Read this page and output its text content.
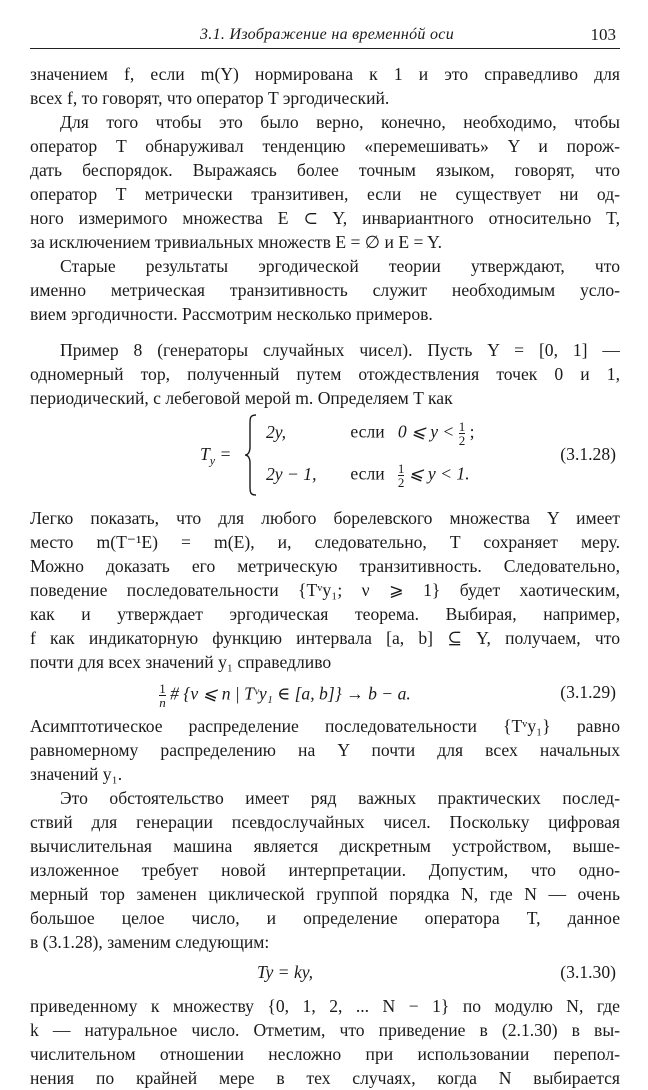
3.1. Изображение на временнóй оси	103
значением f, если m(Y) нормирована к 1 и это справедливо для
всех f, то говорят, что оператор T эргодический.
Для того чтобы это было верно, конечно, необходимо, чтобы
оператор T обнаруживал тенденцию «перемешивать» Y и порож-
дать беспорядок. Выражаясь более точным языком, говорят, что
оператор T метрически транзитивен, если не существует ни од-
ного измеримого множества E ⊂ Y, инвариантного относительно T,
за исключением тривиальных множеств E = ∅ и E = Y.
Старые результаты эргодической теории утверждают, что
именно метрическая транзитивность служит необходимым усло-
вием эргодичности. Рассмотрим несколько примеров.
Пример 8 (генераторы случайных чисел). Пусть Y = [0, 1] —
одномерный тор, полученный путем отождествления точек 0 и 1,
периодический, с лебеговой мерой m. Определяем T как
$T_y$ =
2y,	если 0 ⩽ $y < \frac{1}{2}$ ;
2y − 1, если $\frac{1}{2}$ ⩽ y < 1.
(3.1.28)
Легко показать, что для любого борелевского множества Y имеет
место m(T⁻¹E) = m(E), и, следовательно, T сохраняет меру.
Можно доказать его метрическую транзитивность. Следовательно,
поведение последовательности {Tᵛy₁; ν ⩾ 1} будет хаотическим,
как и утверждает эргодическая теорема. Выбирая, например,
f как индикаторную функцию интервала [a, b] ⊆ Y, получаем, что
почти для всех значений y₁ справедливо
$\frac{1}{n}$ # {ν ⩽ n | Tᵛy₁ ∈ [a, b]} → b − a.	(3.1.29)
Асимптотическое распределение последовательности {Tᵛy₁} равно
равномерному распределению на Y почти для всех начальных
значений y₁.
Это обстоятельство имеет ряд важных практических послед-
ствий для генерации псевдослучайных чисел. Поскольку цифровая
вычислительная машина является дискретным устройством, выше-
изложенное требует новой интерпретации. Допустим, что одно-
мерный тор заменен циклической группой порядка N, где N — очень
большое целое число, и определение оператора T, данное
в (3.1.28), заменим следующим:
Ty = ky,	(3.1.30)
приведенному к множеству {0, 1, 2, ... N − 1} по модулю N, где
k — натуральное число. Отметим, что приведение в (2.1.30) в вы-
числительном отношении несложно при использовании перепол-
нения по крайней мере в тех случаях, когда N выбирается
